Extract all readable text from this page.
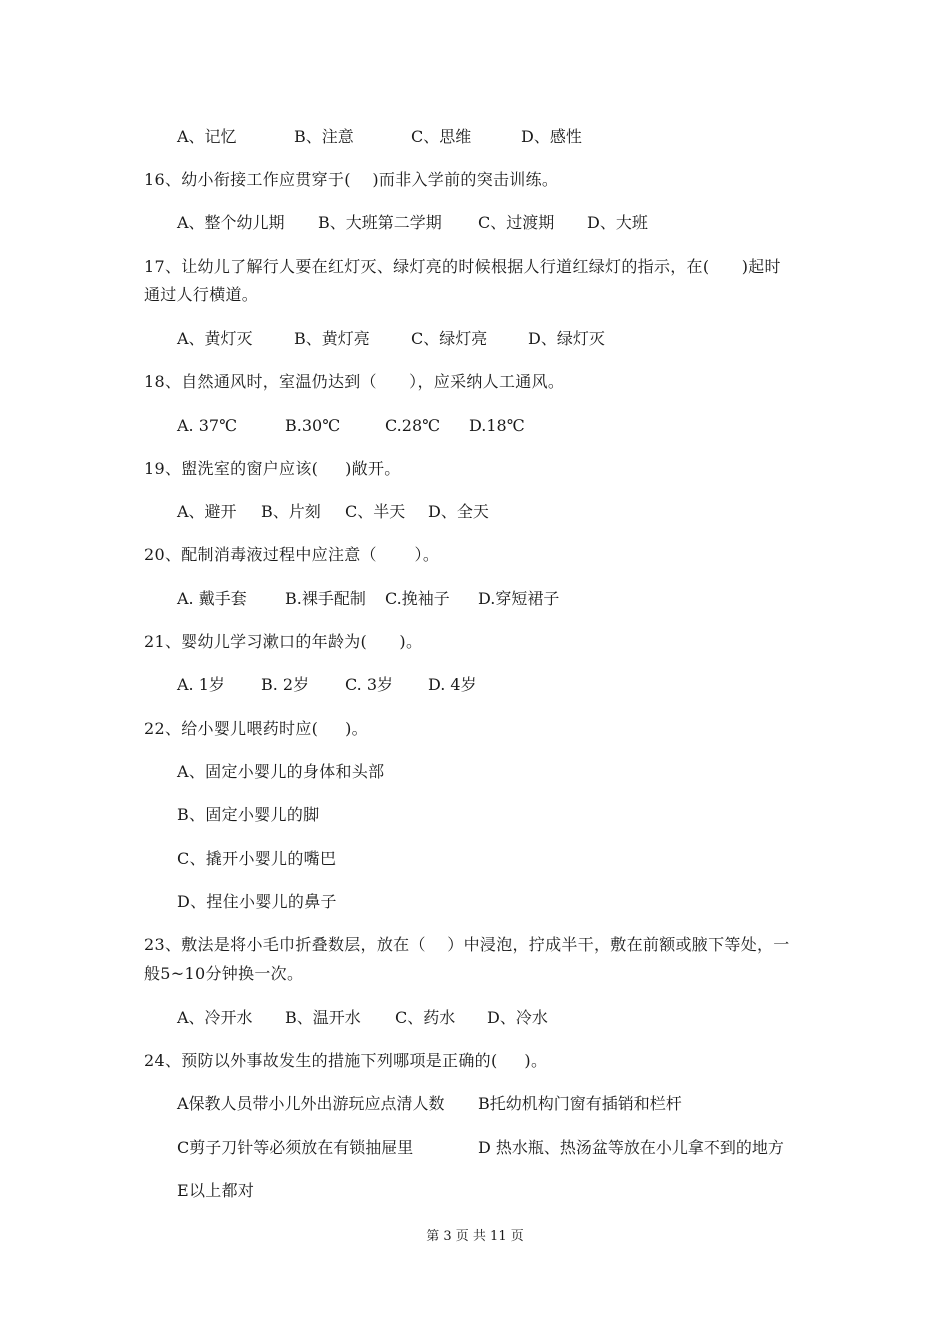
A、记忆	B、注意	C、思维	D、感性
16、幼小衔接工作应贯穿于(    )而非入学前的突击训练。
A、整个幼儿期 B、大班第二学期 C、过渡期 D、大班
17、让幼儿了解行人要在红灯灭、绿灯亮的时候根据人行道红绿灯的指示，在(      )起时
通过人行横道。
A、黄灯灭	B、黄灯亮	C、绿灯亮	D、绿灯灭
18、自然通风时，室温仍达到（      ），应采纳人工通风。
A. 37℃	B.30℃	C.28℃ D.18℃
19、盥洗室的窗户应该(     )敞开。
A、避开 B、片刻 C、半天 D、全天
20、配制消毒液过程中应注意（       ）。
A. 戴手套 B.裸手配制 C.挽袖子 D.穿短裙子
21、婴幼儿学习漱口的年龄为(      )。
A. 1岁 B. 2岁 C. 3岁 D. 4岁
22、给小婴儿喂药时应(     )。
A、固定小婴儿的身体和头部
B、固定小婴儿的脚
C、撬开小婴儿的嘴巴
D、捏住小婴儿的鼻子
23、敷法是将小毛巾折叠数层，放在（    ）中浸泡，拧成半干，敷在前额或腋下等处，一
般5~10分钟换一次。
A、冷开水 B、温开水 C、药水 D、冷水
24、预防以外事故发生的措施下列哪项是正确的(     )。
A保教人员带小儿外出游玩应点清人数 B托幼机构门窗有插销和栏杆
C剪子刀针等必须放在有锁抽屉里	D 热水瓶、热汤盆等放在小儿拿不到的地方
E以上都对
第 3 页 共 11 页
